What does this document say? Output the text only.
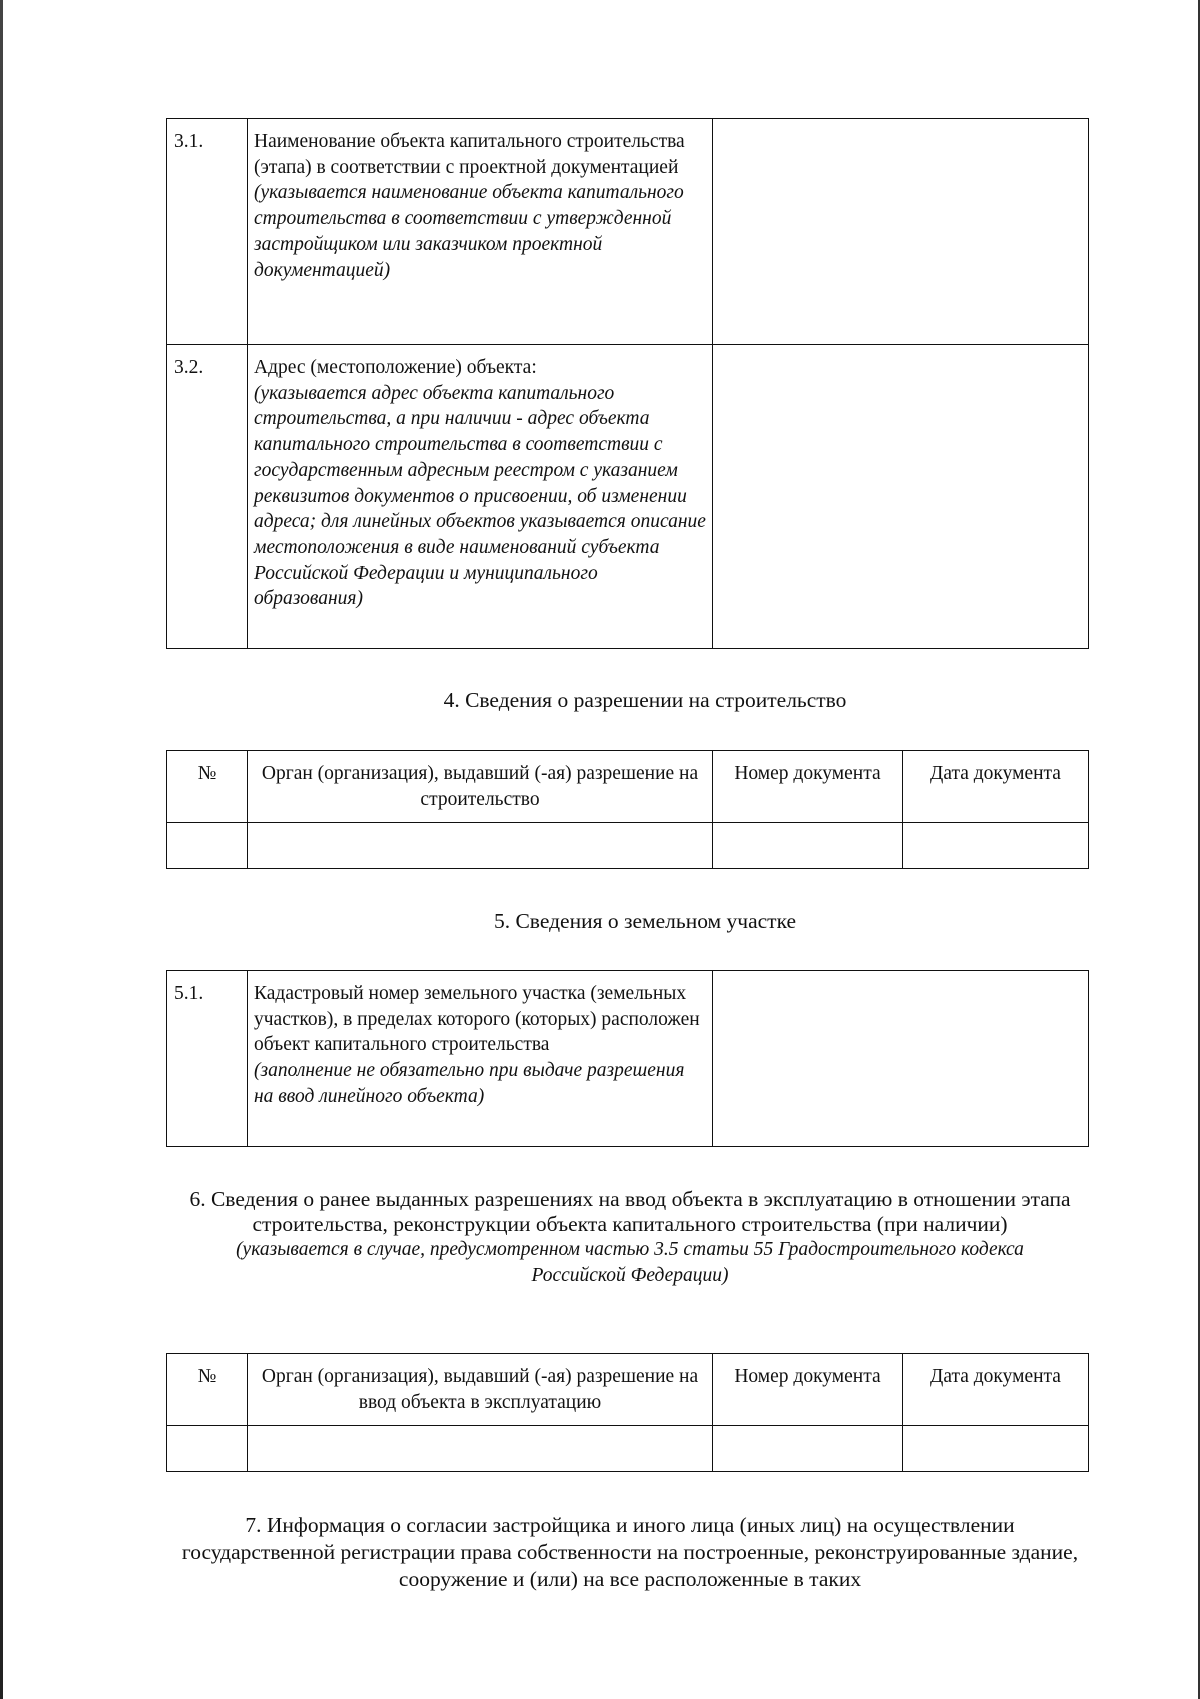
3.1.	Наименование объекта капитального строительства (этапа) в соответствии с проектной документацией
(указывается наименование объекта капитального строительства в соответствии с утвержденной застройщиком или заказчиком проектной документацией)	

3.2.	Адрес (местоположение) объекта:
(указывается адрес объекта капитального строительства, а при наличии - адрес объекта капитального строительства в соответствии с государственным адресным реестром с указанием реквизитов документов о присвоении, об изменении адреса; для линейных объектов указывается описание местоположения в виде наименований субъекта Российской Федерации и муниципального образования)	

4. Сведения о разрешении на строительство
№	Орган (организация), выдавший (-ая) разрешение на строительство	Номер документа	Дата документа

5. Сведения о земельном участке
5.1.	Кадастровый номер земельного участка (земельных участков), в пределах которого (которых) расположен объект капитального строительства
(заполнение не обязательно при выдаче разрешения на ввод линейного объекта)

6. Сведения о ранее выданных разрешениях на ввод объекта в эксплуатацию в отношении этапа строительства, реконструкции объекта капитального строительства (при наличии)
(указывается в случае, предусмотренном частью 3.5 статьи 55 Градостроительного кодекса Российской Федерации)
№	Орган (организация), выдавший (-ая) разрешение на ввод объекта в эксплуатацию	Номер документа	Дата документа

7. Информация о согласии застройщика и иного лица (иных лиц) на осуществлении государственной регистрации права собственности на построенные, реконструированные здание, сооружение и (или) на все расположенные в таких
